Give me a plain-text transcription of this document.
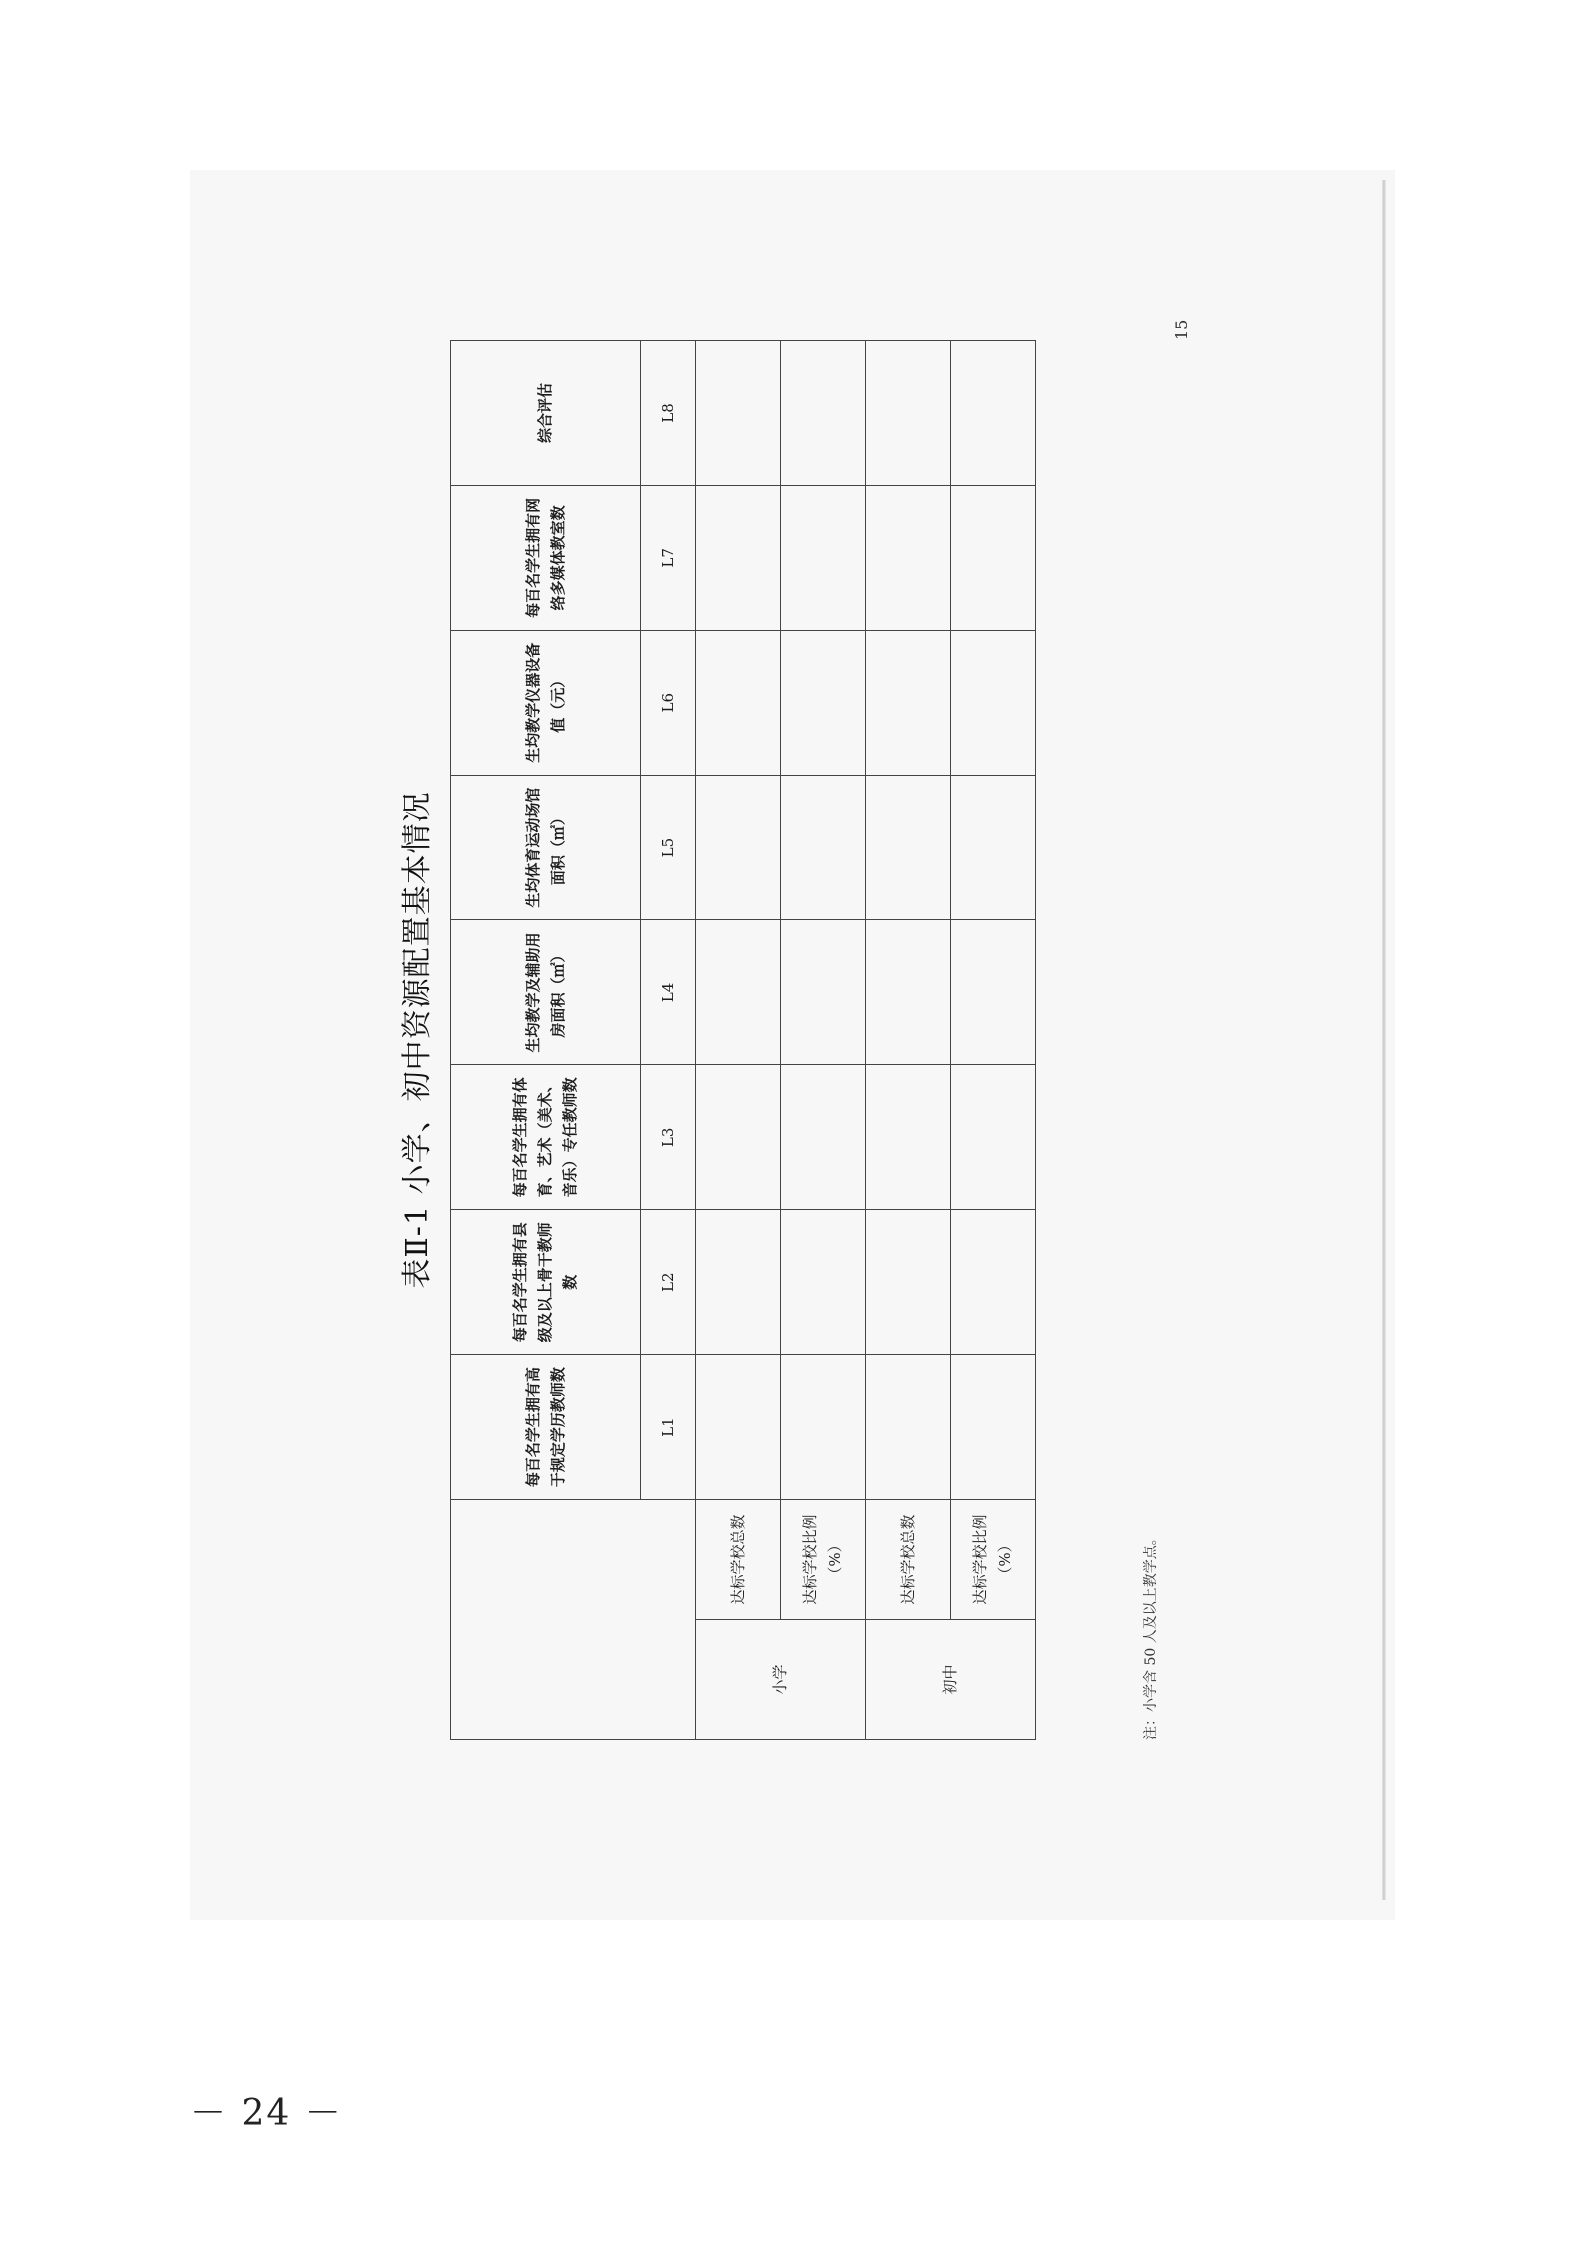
表Ⅱ-1 小学、初中资源配置基本情况
		每百名学生拥有高于规定学历教师数	每百名学生拥有县级及以上骨干教师数	每百名学生拥有体育、艺术（美术、音乐）专任教师数	生均教学及辅助用房面积（㎡）	生均体育运动场馆面积（㎡）	生均教学仪器设备值（元）	每百名学生拥有网络多媒体教室数	综合评估
		L1	L2	L3	L4	L5	L6	L7	L8
小学	达标学校总数								
	达标学校比例（%）								
初中	达标学校总数								
	达标学校比例（%）									注：小学含 50 人及以上教学点。
15
－ 24 －
